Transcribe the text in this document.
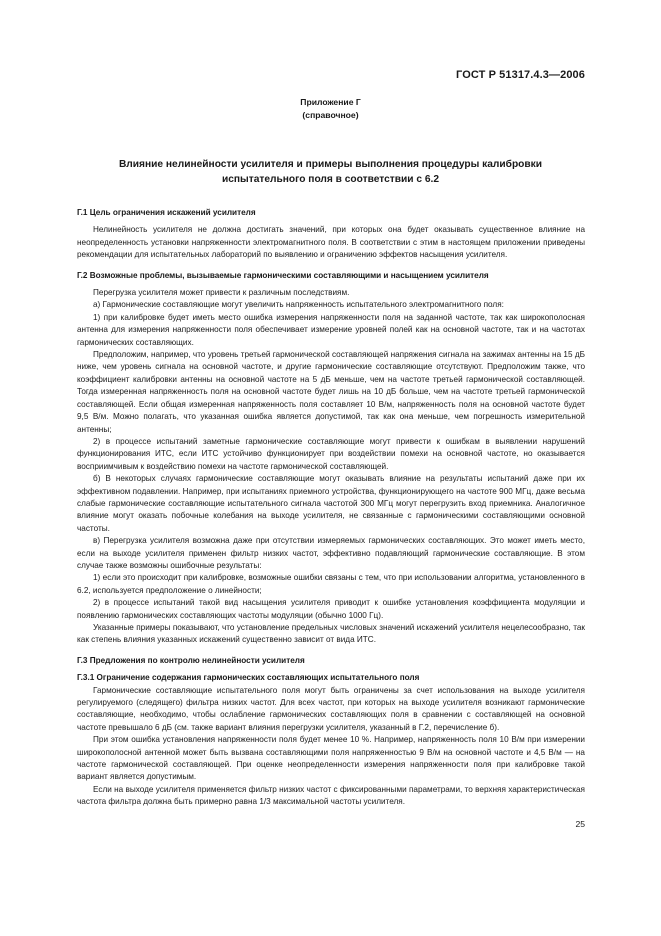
ГОСТ Р 51317.4.3—2006
Приложение Г
(справочное)
Влияние нелинейности усилителя и примеры выполнения процедуры калибровки
испытательного поля в соответствии с 6.2
Г.1 Цель ограничения искажений усилителя

Нелинейность усилителя не должна достигать значений, при которых она будет оказывать существенное влияние на неопределенность установки напряженности электромагнитного поля. В соответствии с этим в настоящем приложении приведены рекомендации для испытательных лабораторий по выявлению и ограничению эффектов насыщения усилителя.

Г.2 Возможные проблемы, вызываемые гармоническими составляющими и насыщением усилителя

Перегрузка усилителя может привести к различным последствиям.

а) Гармонические составляющие могут увеличить напряженность испытательного электромагнитного поля:

1) при калибровке будет иметь место ошибка измерения напряженности поля на заданной частоте, так как широкополосная антенна для измерения напряженности поля обеспечивает измерение уровней полей как на основной частоте, так и на частотах гармонических составляющих.

Предположим, например, что уровень третьей гармонической составляющей напряжения сигнала на зажимах антенны на 15 дБ ниже, чем уровень сигнала на основной частоте, и другие гармонические составляющие отсутствуют. Предположим также, что коэффициент калибровки антенны на основной частоте на 5 дБ меньше, чем на частоте третьей гармонической составляющей. Тогда измеренная напряженность поля на основной частоте будет лишь на 10 дБ больше, чем на частоте третьей гармонической составляющей. Если общая измеренная напряженность поля составляет 10 В/м, напряженность поля на основной частоте будет 9,5 В/м. Можно полагать, что указанная ошибка является допустимой, так как она меньше, чем погрешность измерительной антенны;

2) в процессе испытаний заметные гармонические составляющие могут привести к ошибкам в выявлении нарушений функционирования ИТС, если ИТС устойчиво функционирует при воздействии помехи на основной частоте, но оказывается восприимчивым к воздействию помехи на частоте гармонической составляющей.

б) В некоторых случаях гармонические составляющие могут оказывать влияние на результаты испытаний даже при их эффективном подавлении. Например, при испытаниях приемного устройства, функционирующего на частоте 900 МГц, даже весьма слабые гармонические составляющие испытательного сигнала частотой 300 МГц могут перегрузить вход приемника. Аналогичное влияние могут оказать побочные колебания на выходе усилителя, не связанные с гармоническими составляющими основной частоты.

в) Перегрузка усилителя возможна даже при отсутствии измеряемых гармонических составляющих. Это может иметь место, если на выходе усилителя применен фильтр низких частот, эффективно подавляющий гармонические составляющие. В этом случае также возможны ошибочные результаты:

1) если это происходит при калибровке, возможные ошибки связаны с тем, что при использовании алгоритма, установленного в 6.2, используется предположение о линейности;

2) в процессе испытаний такой вид насыщения усилителя приводит к ошибке установления коэффициента модуляции и появлению гармонических составляющих частоты модуляции (обычно 1000 Гц).

Указанные примеры показывают, что установление предельных числовых значений искажений усилителя нецелесообразно, так как степень влияния указанных искажений существенно зависит от вида ИТС.

Г.3 Предложения по контролю нелинейности усилителя
Г.3.1 Ограничение содержания гармонических составляющих испытательного поля

Гармонические составляющие испытательного поля могут быть ограничены за счет использования на выходе усилителя регулируемого (следящего) фильтра низких частот. Для всех частот, при которых на выходе усилителя возникают гармонические составляющие, необходимо, чтобы ослабление гармонических составляющих поля в сравнении с составляющей на основной частоте превышало 6 дБ (см. также вариант влияния перегрузки усилителя, указанный в Г.2, перечисление б).

При этом ошибка установления напряженности поля будет менее 10 %. Например, напряженность поля 10 В/м при измерении широкополосной антенной может быть вызвана составляющими поля напряженностью 9 В/м на основной частоте и 4,5 В/м — на частоте гармонической составляющей. При оценке неопределенности измерения напряженности поля при калибровке такой вариант является допустимым.

Если на выходе усилителя применяется фильтр низких частот с фиксированными параметрами, то верхняя характеристическая частота фильтра должна быть примерно равна 1/3 максимальной частоты усилителя.

25
